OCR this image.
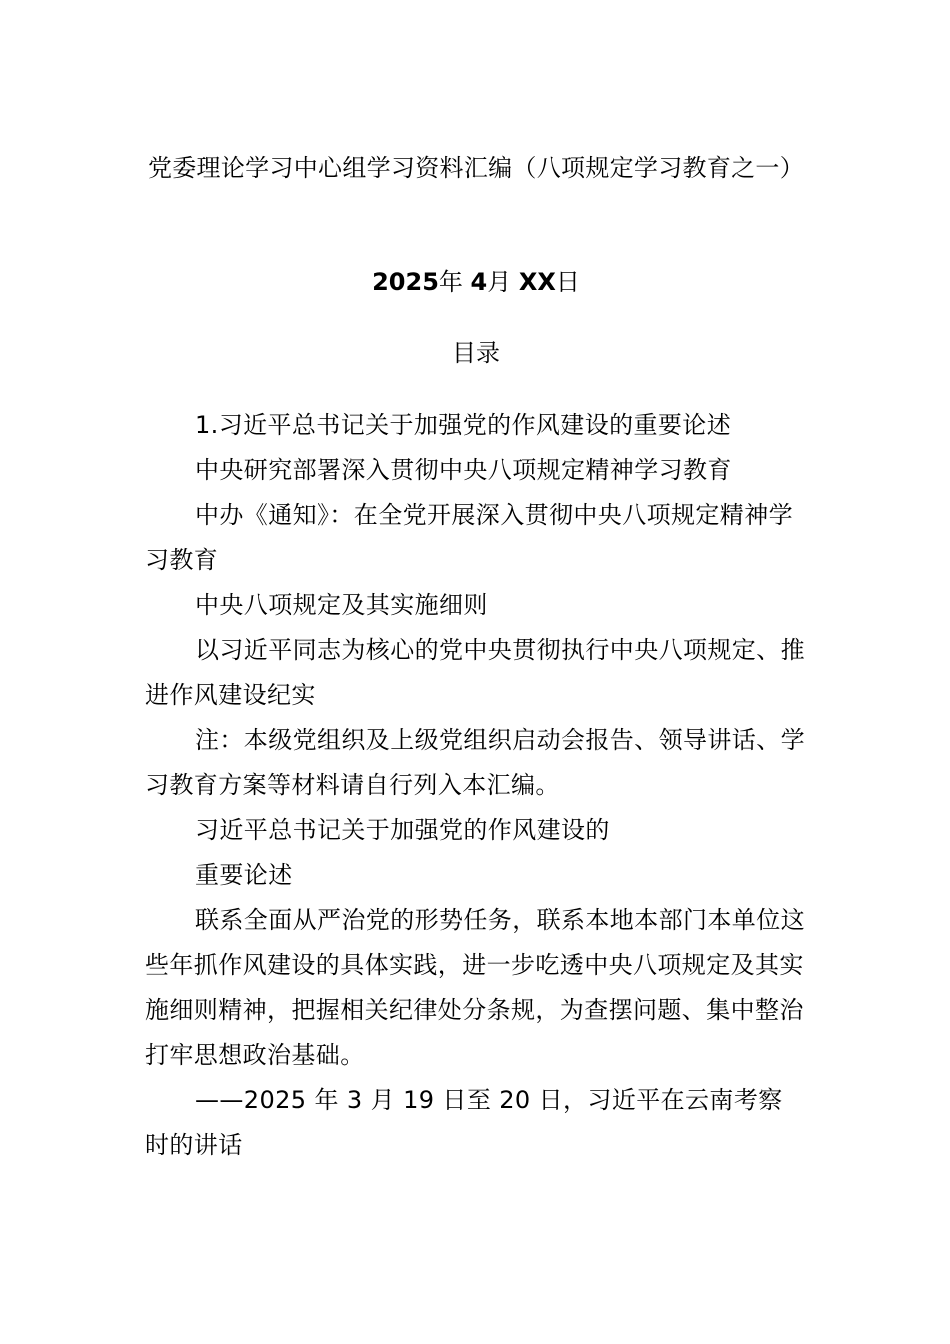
党委理论学习中心组学习资料汇编（八项规定学习教育之一）
2025年 4月 XX日
目录

1.习近平总书记关于加强党的作风建设的重要论述

中央研究部署深入贯彻中央八项规定精神学习教育

中办《通知》：在全党开展深入贯彻中央八项规定精神学习教育

中央八项规定及其实施细则

以习近平同志为核心的党中央贯彻执行中央八项规定、推进作风建设纪实

注：本级党组织及上级党组织启动会报告、领导讲话、学习教育方案等材料请自行列入本汇编。

习近平总书记关于加强党的作风建设的

重要论述

联系全面从严治党的形势任务，联系本地本部门本单位这些年抓作风建设的具体实践，进一步吃透中央八项规定及其实施细则精神，把握相关纪律处分条规，为查摆问题、集中整治打牢思想政治基础。

——2025 年 3 月 19 日至 20 日，习近平在云南考察时的讲话
